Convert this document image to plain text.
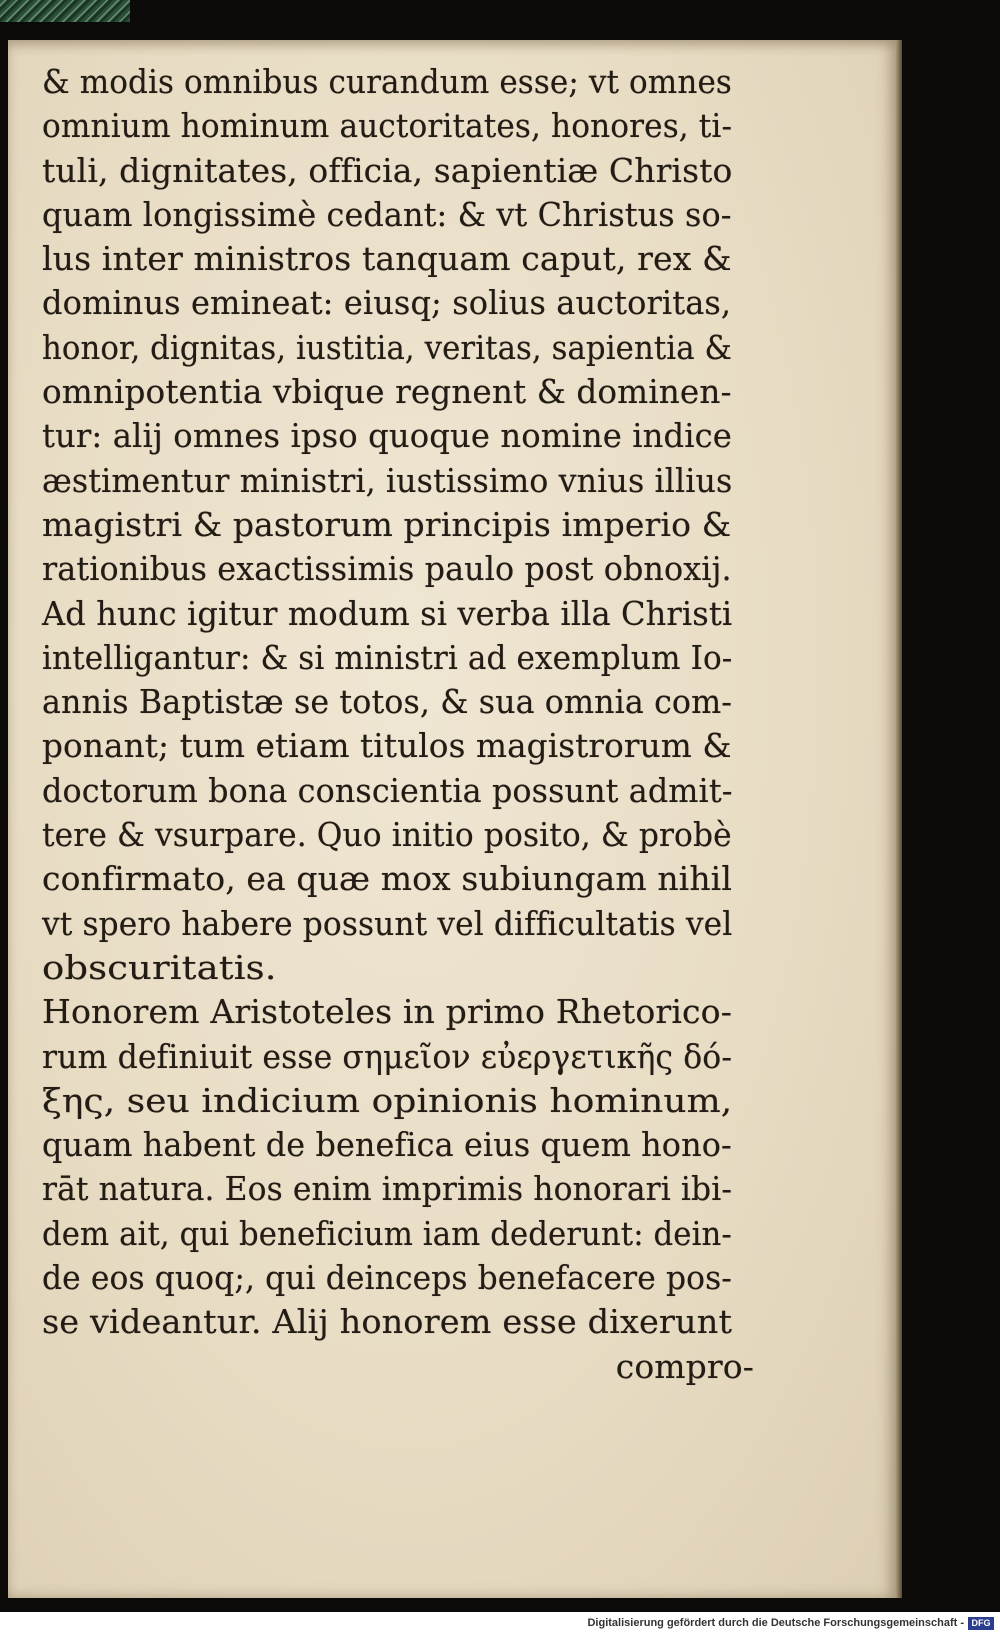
& modis omnibus curandum esse; vt omnes
omnium hominum auctoritates, honores, ti-
tuli, dignitates, officia, sapientiæ Christo
quam longissimè cedant: & vt Christus so-
lus inter ministros tanquam caput, rex &
dominus emineat: eiusq; solius auctoritas,
honor, dignitas, iustitia, veritas, sapientia &
omnipotentia vbique regnent & dominen-
tur: alij omnes ipso quoque nomine indice
æstimentur ministri, iustissimo vnius illius
magistri & pastorum principis imperio &
rationibus exactissimis paulo post obnoxij.
Ad hunc igitur modum si verba illa Christi
intelligantur: & si ministri ad exemplum Io-
annis Baptistæ se totos, & sua omnia com-
ponant; tum etiam titulos magistrorum &
doctorum bona conscientia possunt admit-
tere & vsurpare. Quo initio posito, & probè
confirmato, ea quæ mox subiungam nihil
vt spero habere possunt vel difficultatis vel
obscuritatis.
Honorem Aristoteles in primo Rhetorico-
rum definiuit esse σημεῖον εὐεργετικῆς δό-
ξης, seu indicium opinionis hominum,
quam habent de benefica eius quem hono-
rāt natura. Eos enim imprimis honorari ibi-
dem ait, qui beneficium iam dederunt: dein-
de eos quoq;, qui deinceps benefacere pos-
se videantur. Alij honorem esse dixerunt
compro-
Digitalisierung gefördert durch die Deutsche Forschungsgemeinschaft - DFG
